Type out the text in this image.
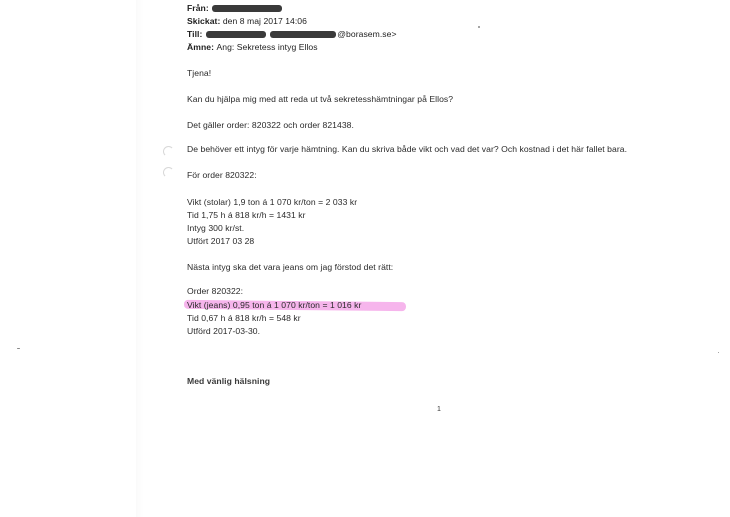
Från:
Skickat: den 8 maj 2017 14:06
Till:	@borasem.se>
Ämne: Ang: Sekretess intyg Ellos
Tjena!
Kan du hjälpa mig med att reda ut två sekretesshämtningar på Ellos?
Det gäller order: 820322 och order 821438.
De behöver ett intyg för varje hämtning. Kan du skriva både vikt och vad det var? Och kostnad i det här fallet bara.
För order 820322:
Vikt (stolar) 1,9 ton á 1 070 kr/ton = 2 033 kr
Tid 1,75 h á 818 kr/h = 1431 kr
Intyg 300 kr/st.
Utfört 2017 03 28
Nästa intyg ska det vara jeans om jag förstod det rätt:
Order 820322:
Vikt (jeans) 0,95 ton á 1 070 kr/ton = 1 016 kr
Tid 0,67 h á 818 kr/h = 548 kr
Utförd 2017-03-30.
Med vänlig hälsning
1
